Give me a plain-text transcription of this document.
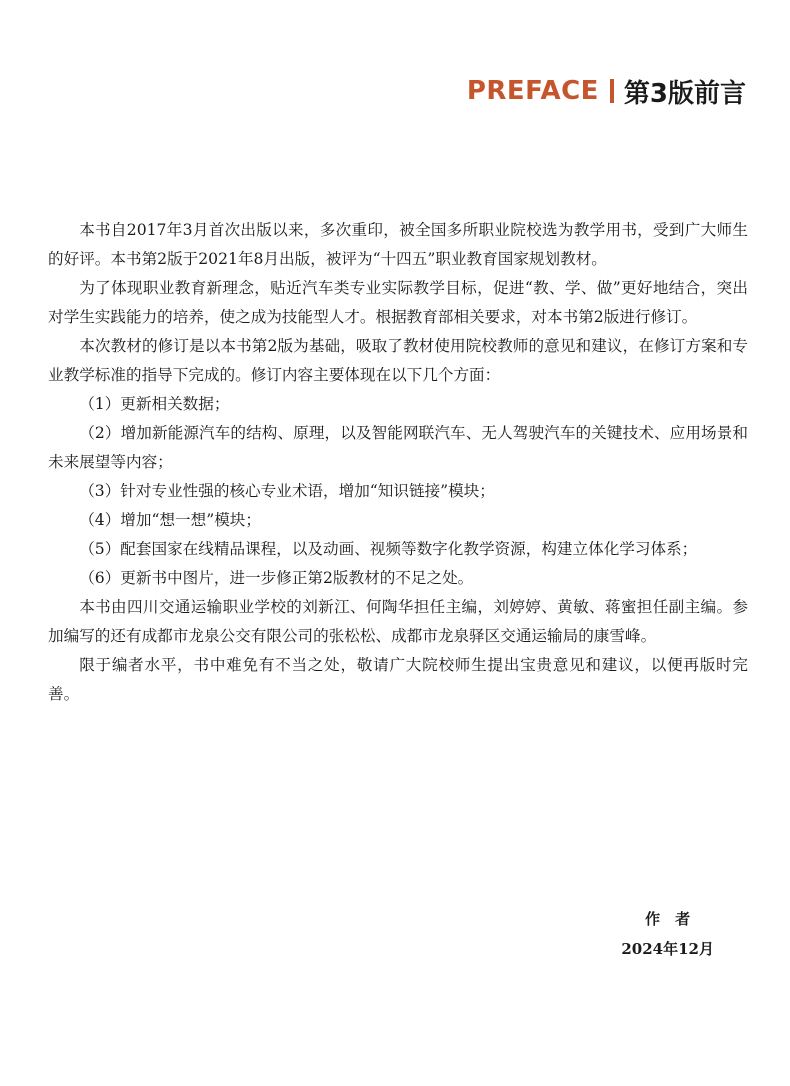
PREFACE 第3版前言

本书自2017年3月首次出版以来，多次重印，被全国多所职业院校选为教学用书，受到广大师生的好评。本书第2版于2021年8月出版，被评为“十四五”职业教育国家规划教材。

为了体现职业教育新理念，贴近汽车类专业实际教学目标，促进“教、学、做”更好地结合，突出对学生实践能力的培养，使之成为技能型人才。根据教育部相关要求，对本书第2版进行修订。

本次教材的修订是以本书第2版为基础，吸取了教材使用院校教师的意见和建议，在修订方案和专业教学标准的指导下完成的。修订内容主要体现在以下几个方面：

（1）更新相关数据；

（2）增加新能源汽车的结构、原理，以及智能网联汽车、无人驾驶汽车的关键技术、应用场景和未来展望等内容；

（3）针对专业性强的核心专业术语，增加“知识链接”模块；

（4）增加“想一想”模块；

（5）配套国家在线精品课程，以及动画、视频等数字化教学资源，构建立体化学习体系；

（6）更新书中图片，进一步修正第2版教材的不足之处。

本书由四川交通运输职业学校的刘新江、何陶华担任主编，刘婷婷、黄敏、蒋蜜担任副主编。参加编写的还有成都市龙泉公交有限公司的张松松、成都市龙泉驿区交通运输局的康雪峰。

限于编者水平，书中难免有不当之处，敬请广大院校师生提出宝贵意见和建议，以便再版时完善。

作　者
2024年12月
